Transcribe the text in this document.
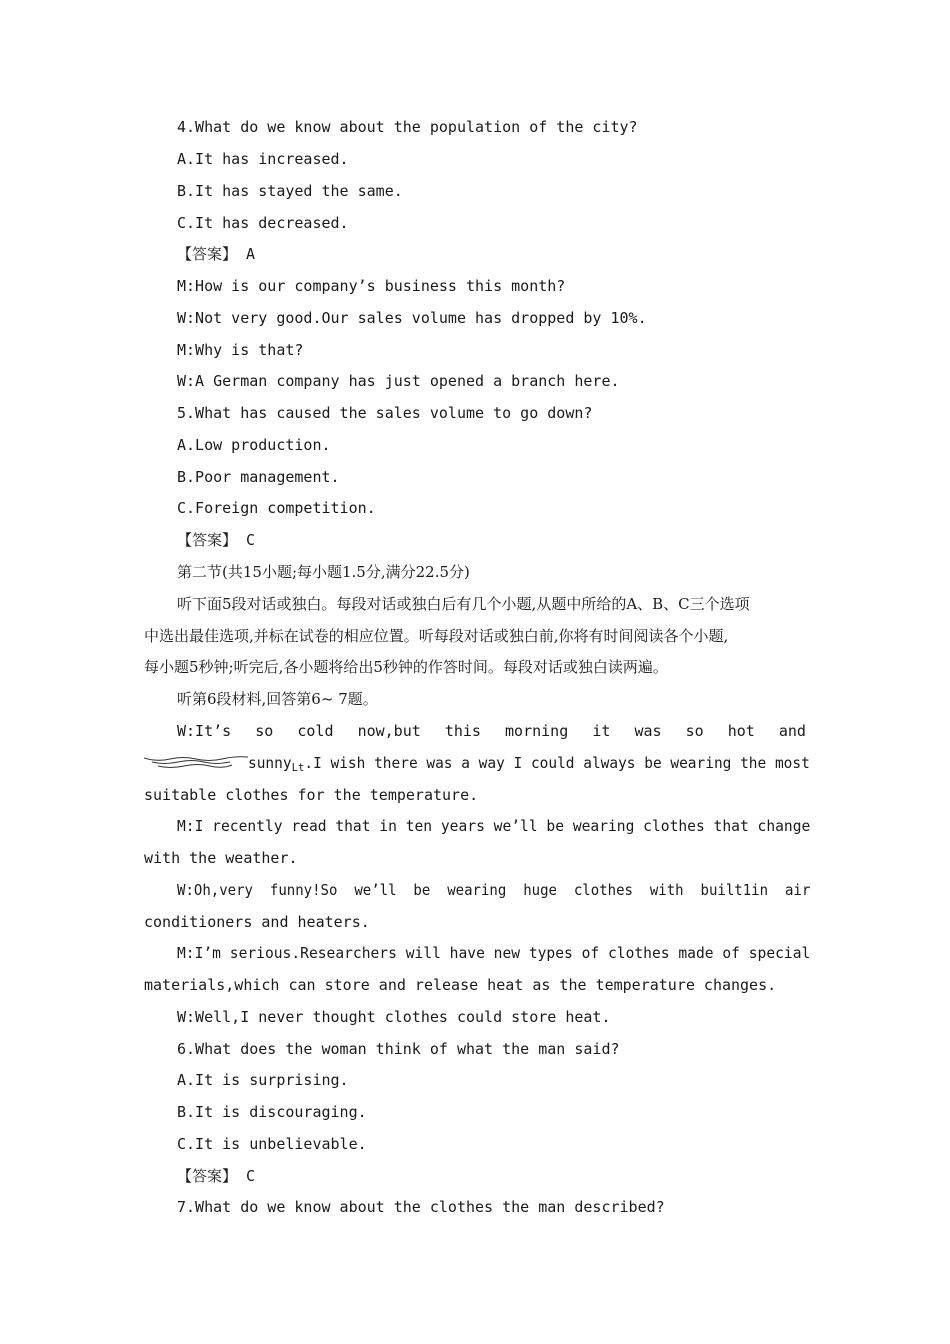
4.What do we know about the population of the city?
A.It has increased.
B.It has stayed the same.
C.It has decreased.
【答案】 A
M:How is our company’s business this month?
W:Not very good.Our sales volume has dropped by 10%.
M:Why is that?
W:A German company has just opened a branch here.
5.What has caused the sales volume to go down?
A.Low production.
B.Poor management.
C.Foreign competition.
【答案】 C
第二节(共15小题;每小题1.5分,满分22.5分)
听下面5段对话或独白。每段对话或独白后有几个小题,从题中所给的A、B、C三个选项
中选出最佳选项,并标在试卷的相应位置。听每段对话或独白前,你将有时间阅读各个小题,
每小题5秒钟;听完后,各小题将给出5秒钟的作答时间。每段对话或独白读两遍。
听第6段材料,回答第6~ 7题。
W:It’s so cold now,but this morning it was so hot and
sunny$_{Lt}$.I wish there was a way I could always be wearing the most
suitable clothes for the temperature.
M:I recently read that in ten years we’ll be wearing clothes that change
with the weather.
W:Oh,very  funny!So  we’ll  be  wearing  huge  clothes  with  built1in  air
conditioners and heaters.
M:I’m serious.Researchers will have new types of clothes made of special
materials,which can store and release heat as the temperature changes.
W:Well,I never thought clothes could store heat.
6.What does the woman think of what the man said?
A.It is surprising.
B.It is discouraging.
C.It is unbelievable.
【答案】 C
7.What do we know about the clothes the man described?
